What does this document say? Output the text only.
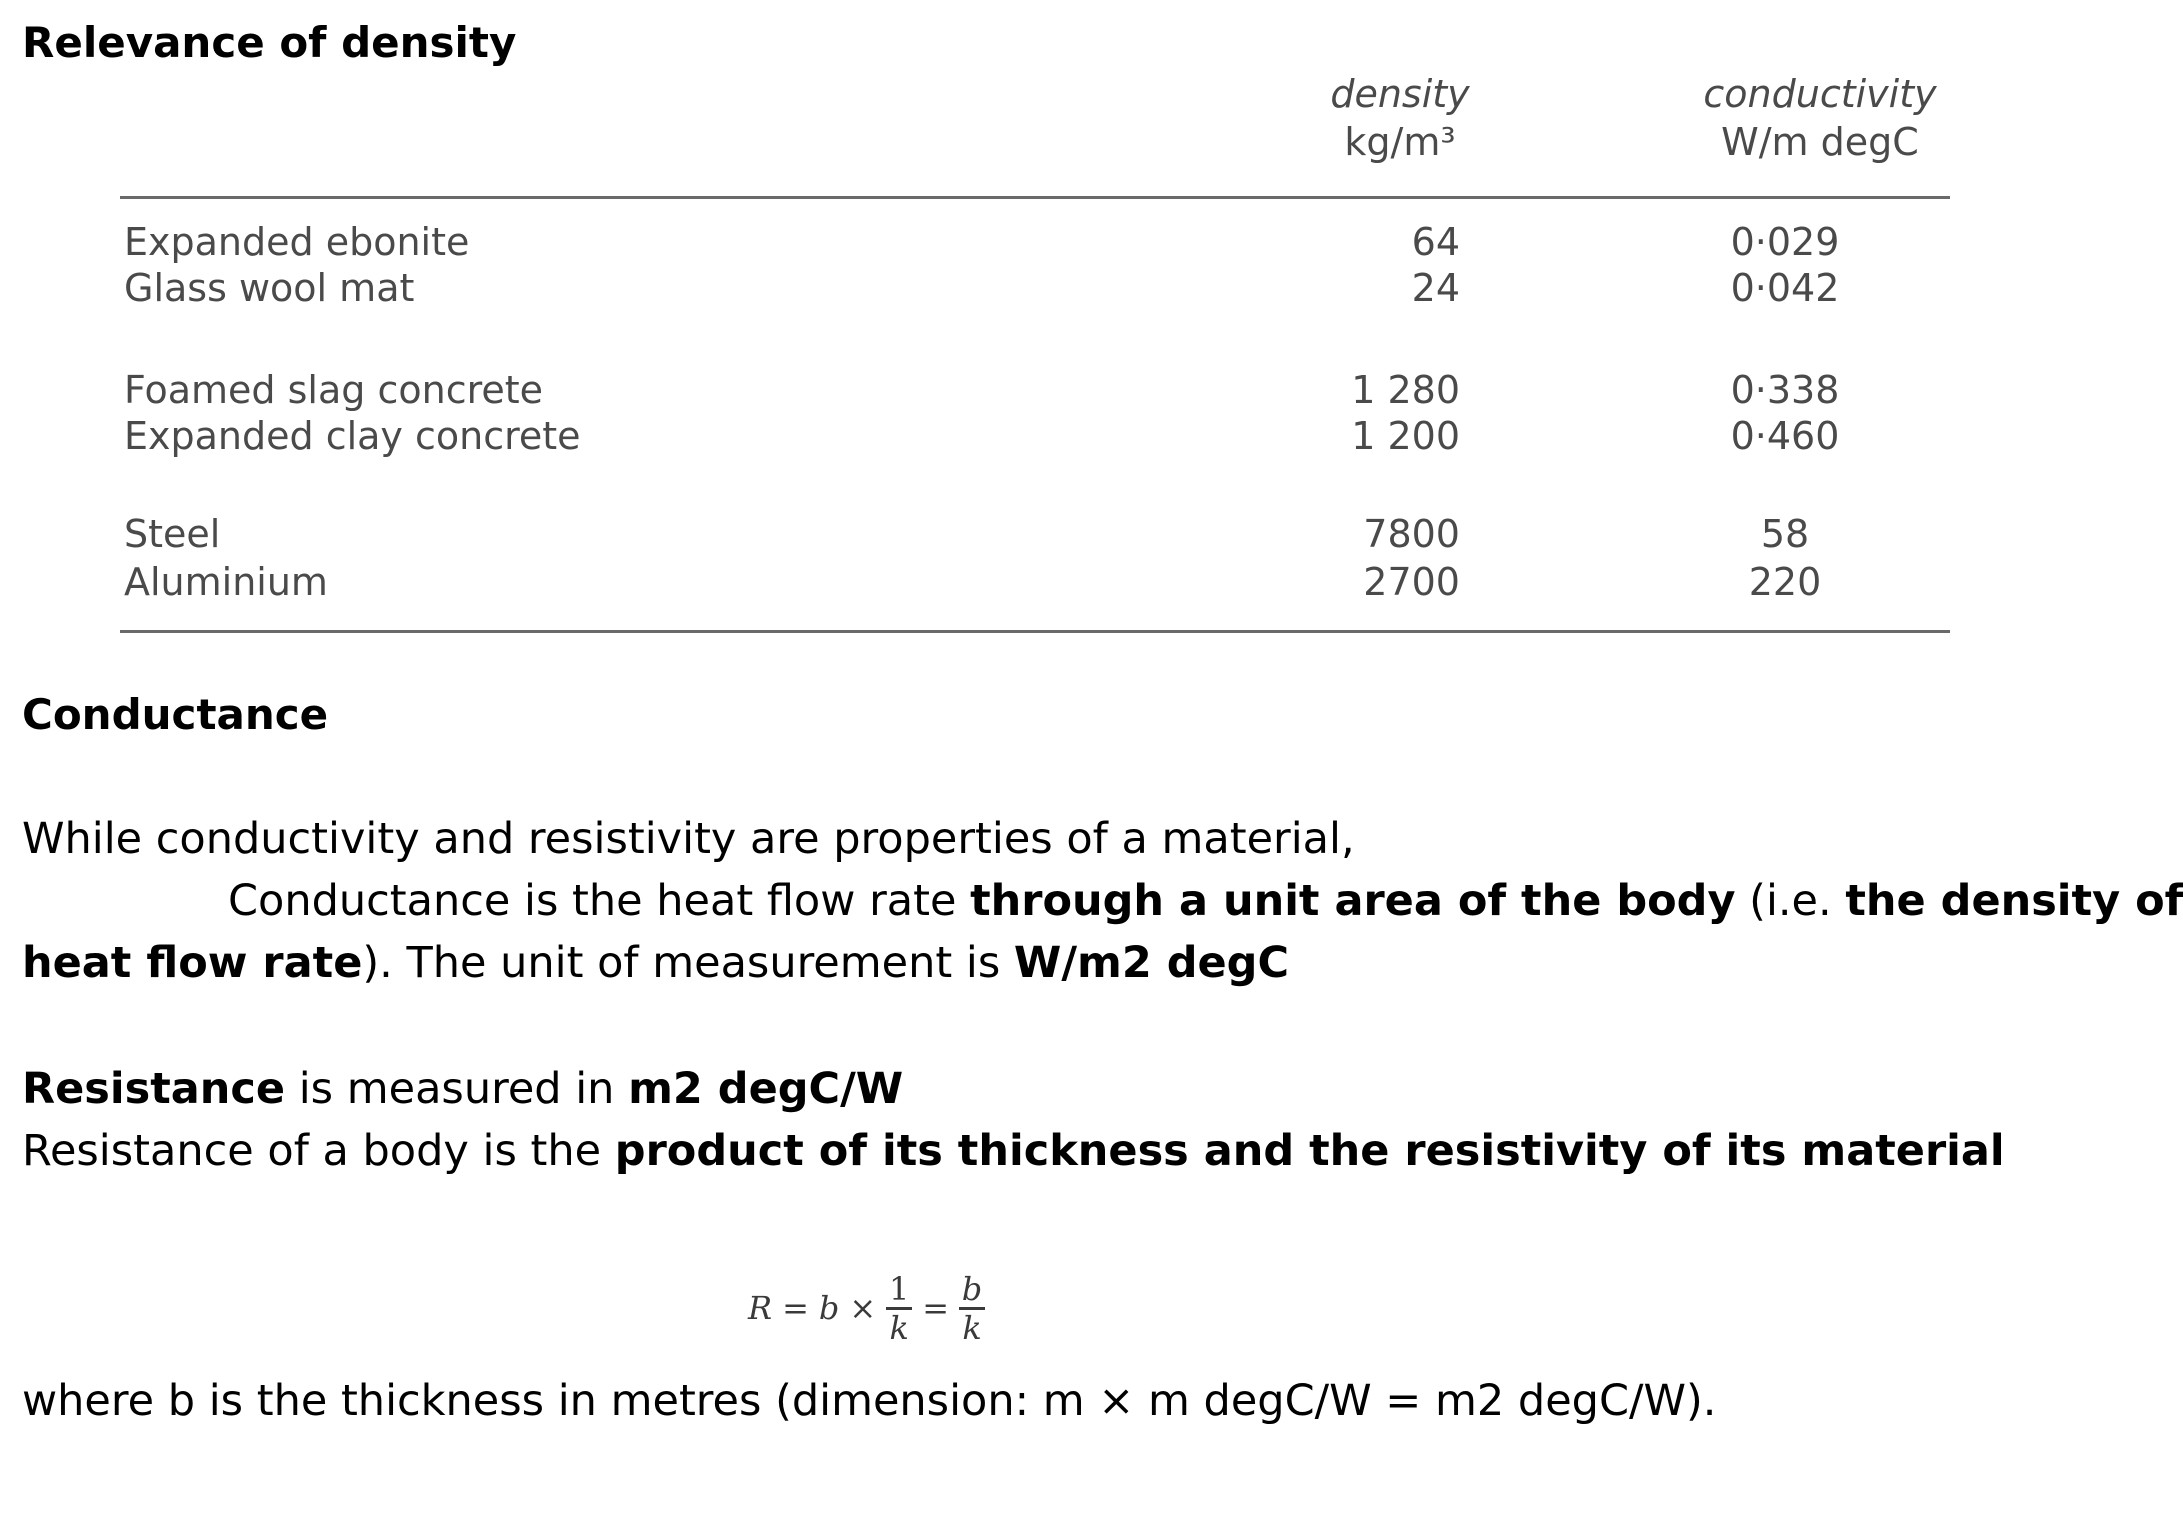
Relevance of density
density
kg/m³
conductivity
W/m degC
Expanded ebonite	64	0·029
Glass wool mat	24	0·042
Foamed slag concrete	1 280	0·338
Expanded clay concrete	1 200	0·460
Steel	7800	58
Aluminium	2700	220
Conductance

While conductivity and resistivity are properties of a material,

Conductance is the heat flow rate through a unit area of the body (i.e. the density of

heat flow rate). The unit of measurement is W/m2 degC

Resistance is measured in m2 degC/W

Resistance of a body is the product of its thickness and the resistivity of its material

$R = b \times \frac{1}{k} = \frac{b}{k}$

where b is the thickness in metres (dimension: m × m degC/W = m2 degC/W).
